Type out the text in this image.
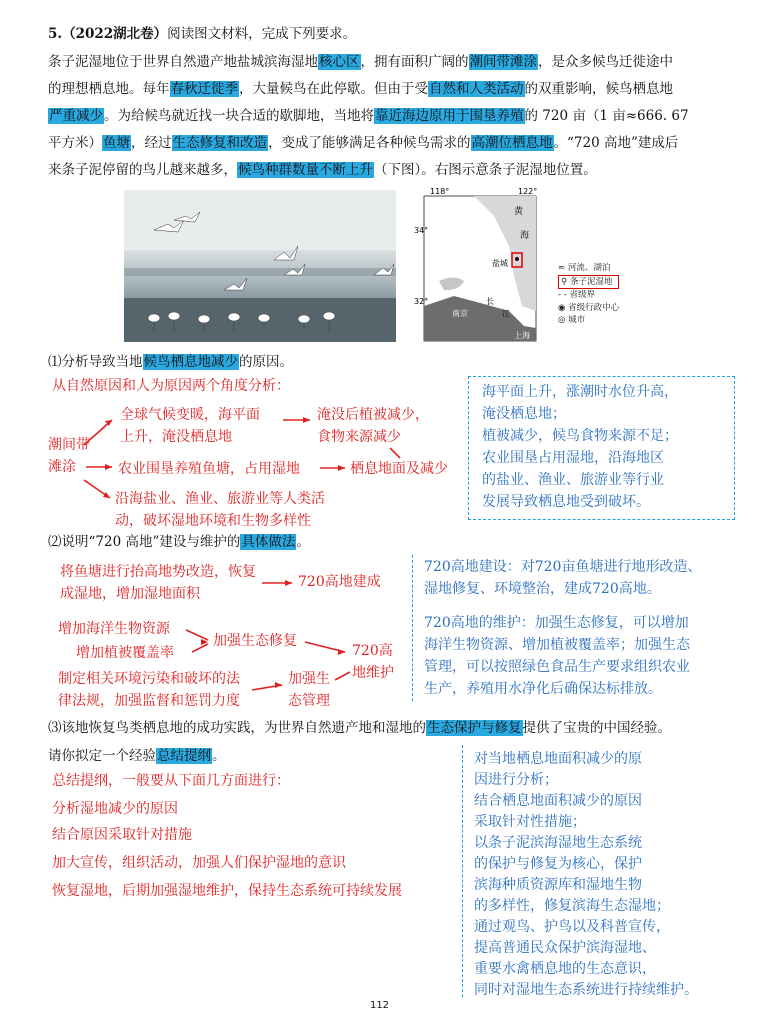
5.（2022湖北卷）阅读图文材料，完成下列要求。
条子泥湿地位于世界自然遗产地盐城滨海湿地核心区，拥有面积广阔的潮间带滩涂，是众多候鸟迁徙途中
的理想栖息地。每年春秋迁徙季，大量候鸟在此停歇。但由于受自然和人类活动的双重影响，候鸟栖息地
严重减少。为给候鸟就近找一块合适的歇脚地，当地将靠近海边原用于围垦养殖的 720 亩（1 亩≈666. 67
平方米）鱼塘，经过生态修复和改造，变成了能够满足各种候鸟需求的高潮位栖息地。“720 高地”建成后
来条子泥停留的鸟儿越来越多，候鸟种群数量不断上升（下图）。右图示意条子泥湿地位置。
118°	122°
34°
32°
黄
海
盐城
南京
长
江
上海
≈ 河流、湖泊
⚲ 条子泥湿地
- - 省级界
◉ 省级行政中心
◎ 城市
⑴分析导致当地候鸟栖息地减少的原因。
从自然原因和人为原因两个角度分析：
全球气候变暖，海平面
上升，淹没栖息地
淹没后植被减少，
食物来源减少
潮间带
滩涂	农业围垦养殖鱼塘，占用湿地	栖息地面及减少
沿海盐业、渔业、旅游业等人类活
动，破坏湿地环境和生物多样性
海平面上升，涨潮时水位升高，
淹没栖息地；
植被减少，候鸟食物来源不足；
农业围垦占用湿地，沿海地区
的盐业、渔业、旅游业等行业
发展导致栖息地受到破坏。
⑵说明“720 高地”建设与维护的具体做法。
将鱼塘进行抬高地势改造，恢复
成湿地，增加湿地面积
720高地建成
增加海洋生物资源
增加植被覆盖率
加强生态修复
720高
地维护
制定相关环境污染和破坏的法
律法规，加强监督和惩罚力度
加强生
态管理
720高地建设：对720亩鱼塘进行地形改造、
湿地修复、环境整治，建成720高地。
720高地的维护：加强生态修复，可以增加
海洋生物资源、增加植被覆盖率；加强生态
管理，可以按照绿色食品生产要求组织农业
生产，养殖用水净化后确保达标排放。
⑶该地恢复鸟类栖息地的成功实践，为世界自然遗产地和湿地的生态保护与修复提供了宝贵的中国经验。
请你拟定一个经验总结提纲。
总结提纲，一般要从下面几方面进行：
分析湿地减少的原因
结合原因采取针对措施
加大宣传，组织活动，加强人们保护湿地的意识
恢复湿地，后期加强湿地维护，保持生态系统可持续发展
对当地栖息地面积减少的原
因进行分析；
结合栖息地面积减少的原因
采取针对性措施；
以条子泥滨海湿地生态系统
的保护与修复为核心，保护
滨海种质资源库和湿地生物
的多样性，修复滨海生态湿地；
通过观鸟、护鸟以及科普宣传，
提高普通民众保护滨海湿地、
重要水禽栖息地的生态意识，
同时对湿地生态系统进行持续维护。
112
